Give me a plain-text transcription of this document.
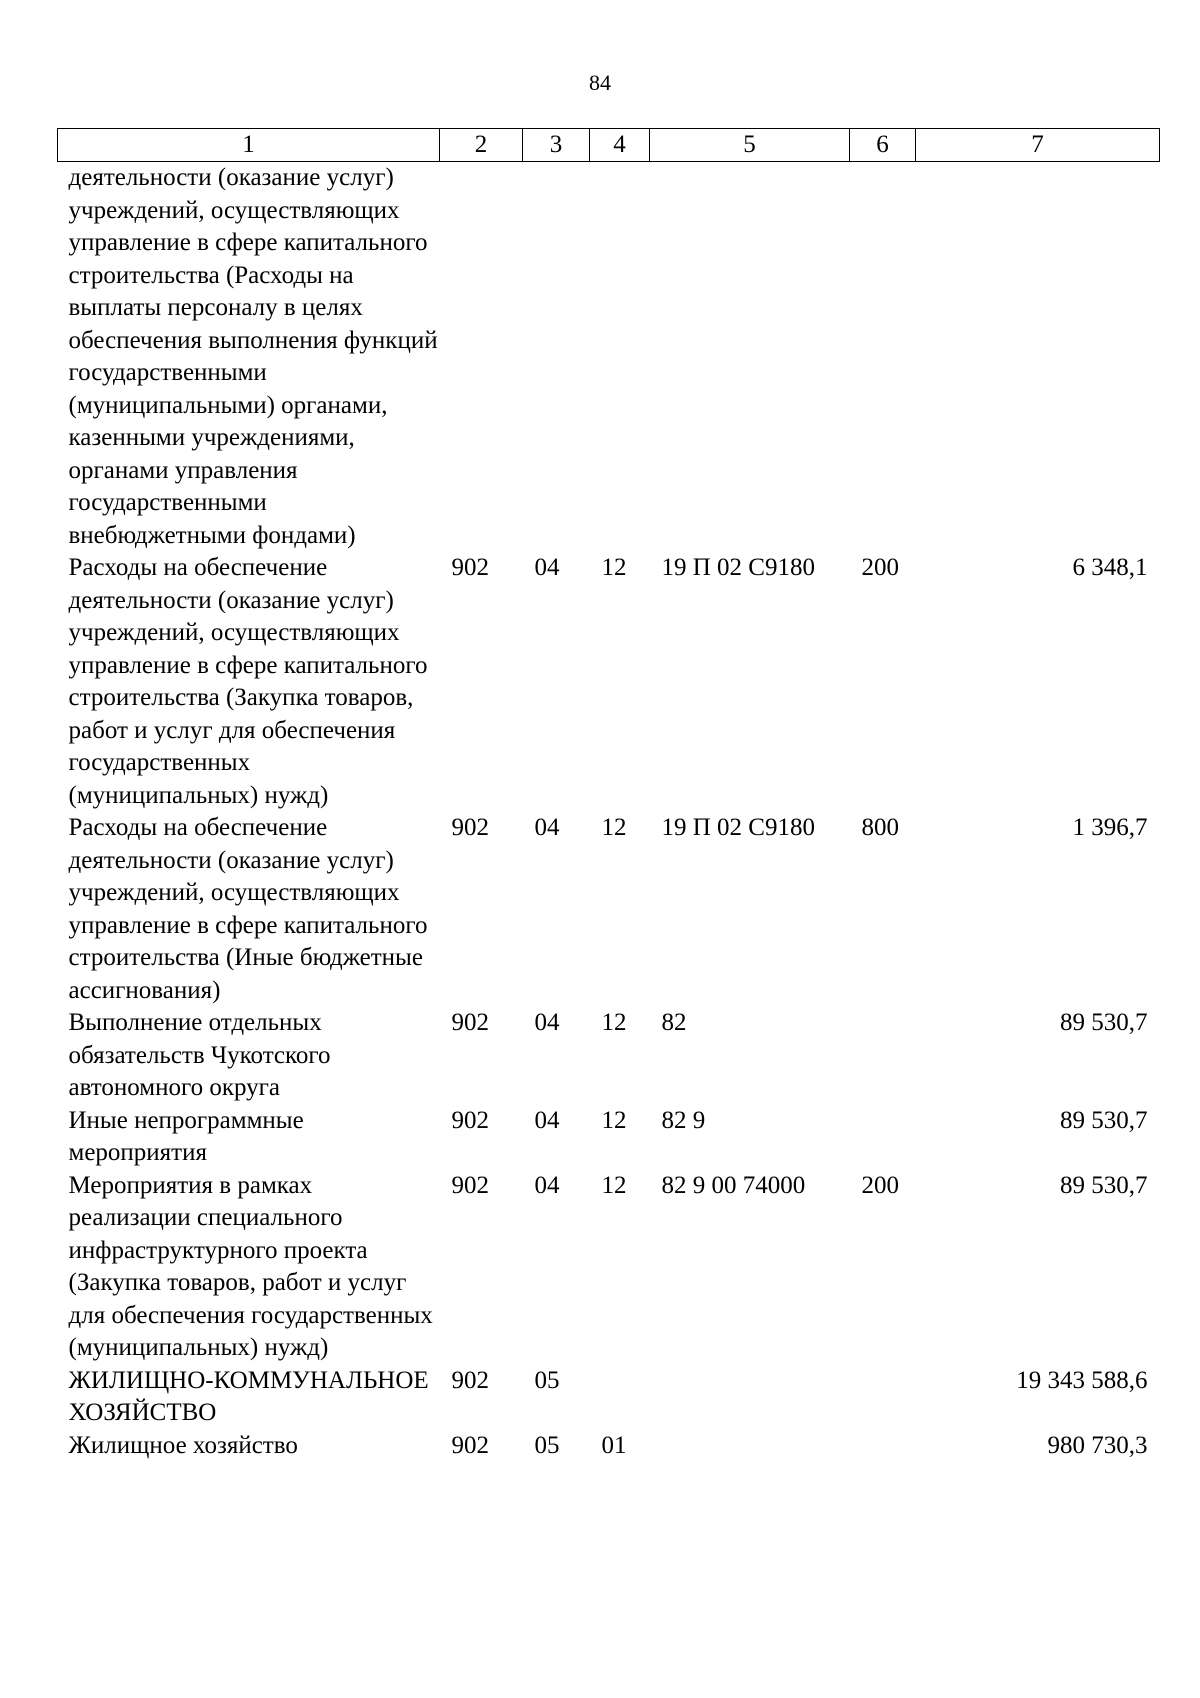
84
1	2	3	4	5	6	7
деятельности (оказание услуг) учреждений, осуществляющих управление в сфере капитального строительства (Расходы на выплаты персоналу в целях обеспечения выполнения функций государственными (муниципальными) органами, казенными учреждениями, органами управления государственными внебюджетными фондами)						
Расходы на обеспечение деятельности (оказание услуг) учреждений, осуществляющих управление в сфере капитального строительства (Закупка товаров, работ и услуг для обеспечения государственных (муниципальных) нужд)	902	04	12	19 П 02 С9180	200	6 348,1
Расходы на обеспечение деятельности (оказание услуг) учреждений, осуществляющих управление в сфере капитального строительства (Иные бюджетные ассигнования)	902	04	12	19 П 02 С9180	800	1 396,7
Выполнение отдельных обязательств Чукотского автономного округа	902	04	12	82		89 530,7
Иные непрограммные мероприятия	902	04	12	82 9		89 530,7
Мероприятия в рамках реализации специального инфраструктурного проекта (Закупка товаров, работ и услуг для обеспечения государственных (муниципальных) нужд)	902	04	12	82 9 00 74000	200	89 530,7
ЖИЛИЩНО-КОММУНАЛЬНОЕ ХОЗЯЙСТВО	902	05				19 343 588,6
Жилищное хозяйство	902	05	01			980 730,3
